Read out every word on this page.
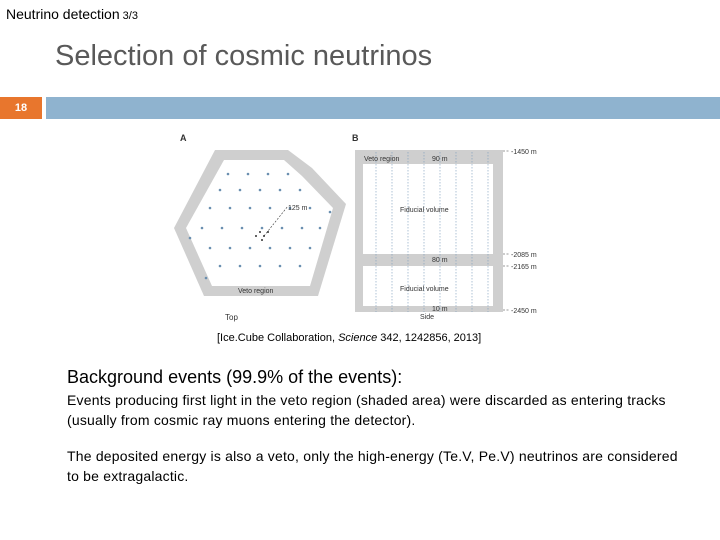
Neutrino detection 3/3
Selection of cosmic neutrinos
18
A
125 m
Veto region
Top
B
Veto region	90 m
Fiducial volume
80 m
Fiducial volume
10 m
Side
-1450 m
-2085 m
-2165 m
-2450 m
[Ice.Cube Collaboration, Science 342, 1242856, 2013]
Background events (99.9% of the events):
Events producing first light in the veto region (shaded area) were discarded as entering tracks (usually from cosmic ray muons entering the detector).
The deposited energy is also a veto, only the high-energy (Te.V, Pe.V) neutrinos are considered to be extragalactic.
